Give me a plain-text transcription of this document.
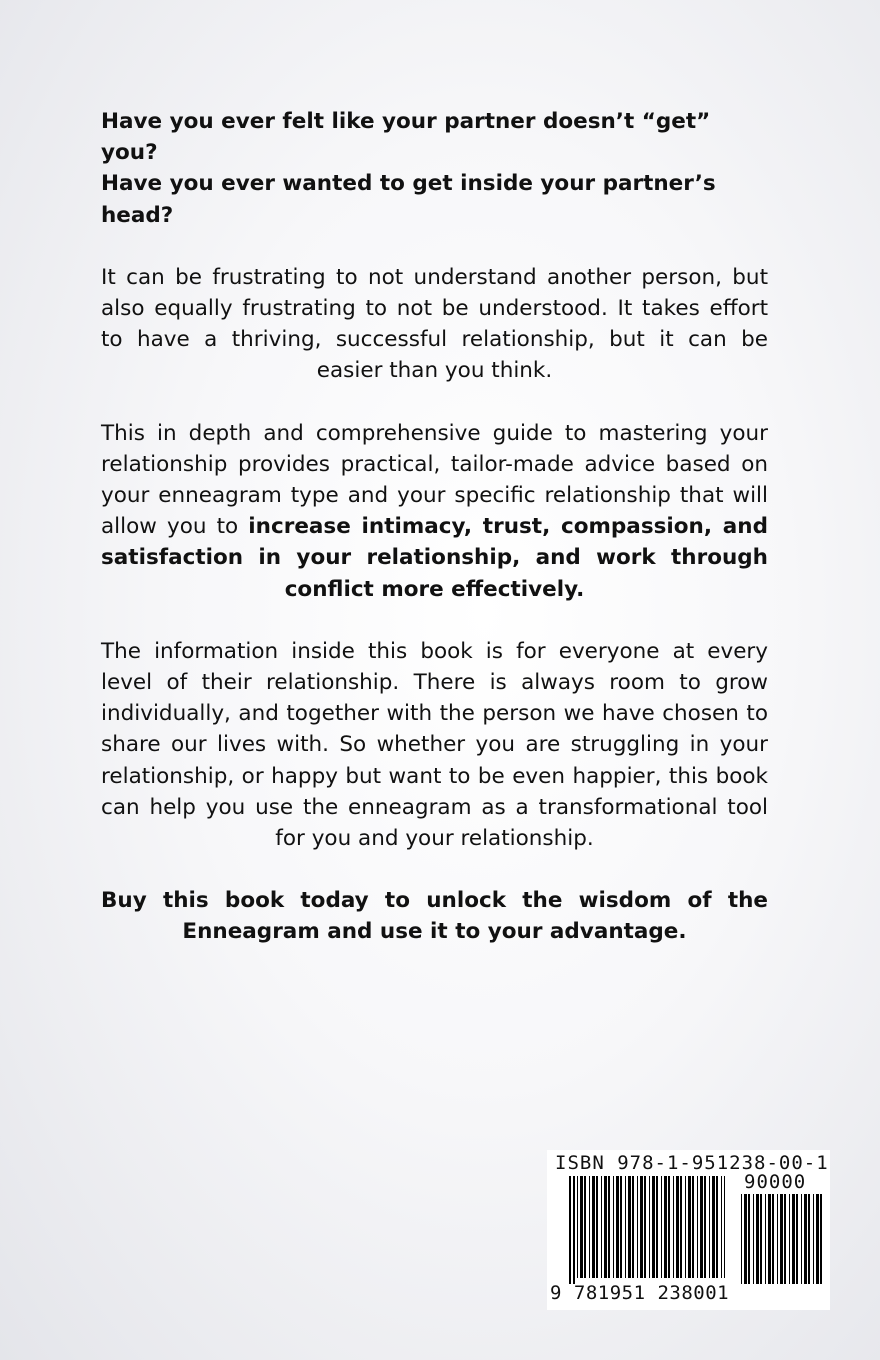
Have you ever felt like your partner doesn’t “get” you?
Have you ever wanted to get inside your partner’s head?

It can be frustrating to not understand another person, but also equally frustrating to not be understood. It takes effort to have a thriving, successful relationship, but it can be easier than you think.

This in depth and comprehensive guide to mastering your relationship provides practical, tailor-made advice based on your enneagram type and your specific relationship that will allow you to increase intimacy, trust, compassion, and satisfaction in your relationship, and work through conflict more effectively.

The information inside this book is for everyone at every level of their relationship. There is always room to grow individually, and together with the person we have chosen to share our lives with. So whether you are struggling in your relationship, or happy but want to be even happier, this book can help you use the enneagram as a transformational tool for you and your relationship.

Buy this book today to unlock the wisdom of the Enneagram and use it to your advantage.

ISBN 978-1-951238-00-1
90000
9 781951 238001
